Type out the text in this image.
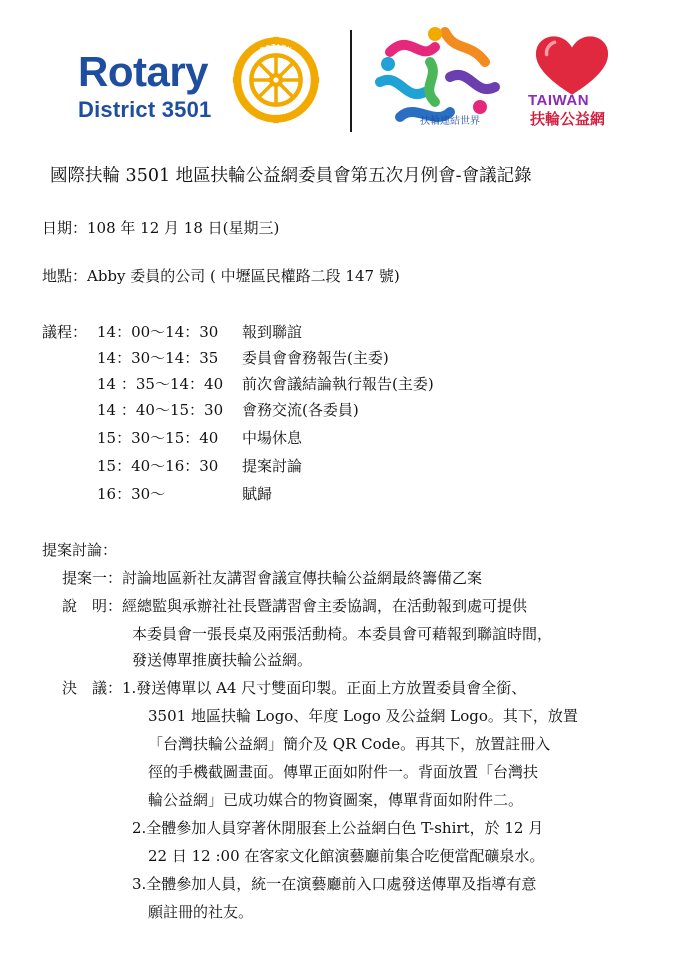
Rotary
District 3501
ROTARY
INTERNATIONAL
扶輪連結世界
TAIWAN
扶輪公益網
國際扶輪 3501 地區扶輪公益網委員會第五次月例會-會議記錄
日期：108 年 12 月 18 日(星期三)
地點：Abby 委員的公司 ( 中壢區民權路二段 147 號)
議程： 14：00～14：30 報到聯誼
14：30～14：35 委員會會務報告(主委)
14 ：35～14：40 前次會議結論執行報告(主委)
14 ：40～15：30 會務交流(各委員)
15：30～15：40 中場休息
15：40～16：30 提案討論
16：30～	賦歸
提案討論：
提案一：討論地區新社友講習會議宣傳扶輪公益網最終籌備乙案
說　明：經總監與承辦社社長暨講習會主委協調，在活動報到處可提供
本委員會一張長桌及兩張活動椅。本委員會可藉報到聯誼時間，
發送傳單推廣扶輪公益網。
決　議：1.發送傳單以 A4 尺寸雙面印製。正面上方放置委員會全銜、
3501 地區扶輪 Logo、年度 Logo 及公益網 Logo。其下，放置
「台灣扶輪公益網」簡介及 QR Code。再其下，放置註冊入
徑的手機截圖畫面。傳單正面如附件一。背面放置「台灣扶
輪公益網」已成功媒合的物資圖案，傳單背面如附件二。
2.全體參加人員穿著休閒服套上公益網白色 T-shirt，於 12 月
22 日 12 :00 在客家文化館演藝廳前集合吃便當配礦泉水。
3.全體參加人員，統一在演藝廳前入口處發送傳單及指導有意
願註冊的社友。
